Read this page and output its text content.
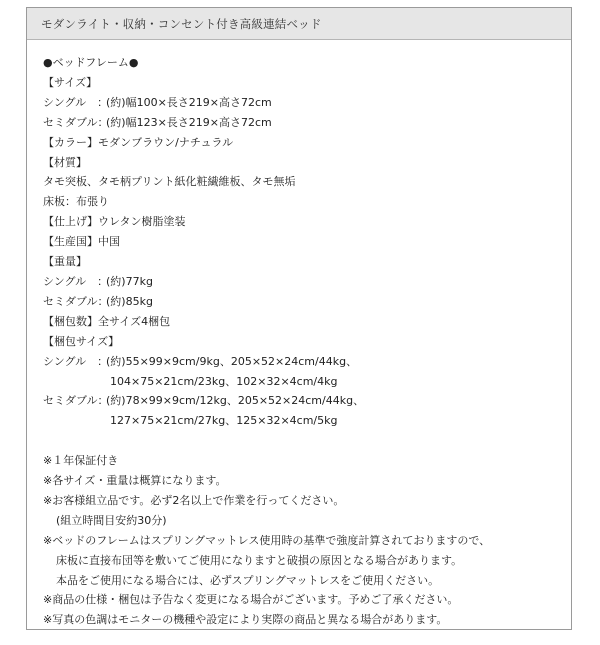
モダンライト・収納・コンセント付き高級連結ベッド
●ベッドフレーム●
【サイズ】
シングル　：
(約)幅100×長さ219×高さ72cm
セミダブル：
(約)幅123×長さ219×高さ72cm
【カラー】モダンブラウン/ナチュラル
【材質】
タモ突板、タモ柄プリント紙化粧繊維板、タモ無垢
床板：布張り
【仕上げ】ウレタン樹脂塗装
【生産国】中国
【重量】
シングル　：
(約)77kg
セミダブル：
(約)85kg
【梱包数】全サイズ4梱包
【梱包サイズ】
シングル　：
(約)55×99×9cm/9kg、205×52×24cm/44kg、
104×75×21cm/23kg、102×32×4cm/4kg
セミダブル：
(約)78×99×9cm/12kg、205×52×24cm/44kg、
127×75×21cm/27kg、125×32×4cm/5kg
※１年保証付き
※各サイズ・重量は概算になります。
※お客様組立品です。必ず2名以上で作業を行ってください。
(組立時間目安約30分)
※ベッドのフレームはスプリングマットレス使用時の基準で強度計算されておりますので、
床板に直接布団等を敷いてご使用になりますと破損の原因となる場合があります。
本品をご使用になる場合には、必ずスプリングマットレスをご使用ください。
※商品の仕様・梱包は予告なく変更になる場合がございます。予めご了承ください。
※写真の色調はモニターの機種や設定により実際の商品と異なる場合があります。
